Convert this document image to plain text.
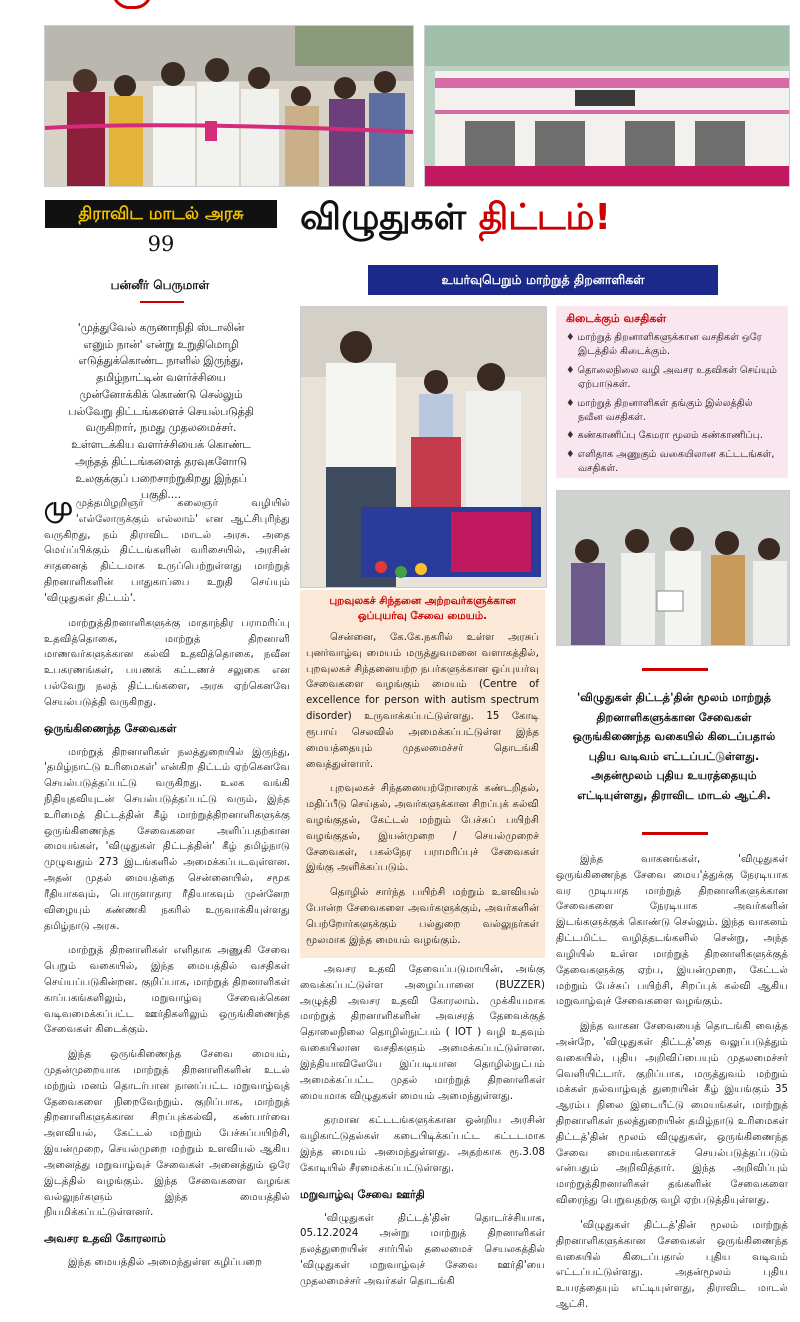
திராவிட மாடல் அரசு
99
விழுதுகள் திட்டம்!
உயர்வுபெறும் மாற்றுத் திறனாளிகள்
பன்னீர் பெருமாள்
'முத்துவேல் கருணாநிதி ஸ்டாலின் எனும் நான்' என்று உறுதிமொழி எடுத்துக்கொண்ட நாளில் இருந்து, தமிழ்நாட்டின் வளர்ச்சியை முன்னோக்கிக் கொண்டு செல்லும் பல்வேறு திட்டங்களைச் செயல்படுத்தி வருகிறார், நமது முதலமைச்சர். உள்ளடக்கிய வளர்ச்சியைக் கொண்ட அந்தத் திட்டங்களைத் தரவுகளோடு உலகுக்குப் பறைசாற்றுகிறது இந்தப் பகுதி....

முமுத்தமிழறிஞர் கலைஞர் வழியில் 'எல்லோருக்கும் எல்லாம்' என ஆட்சிபுரிந்து வருகிறது, நம் திராவிட மாடல் அரசு. அதை மெய்ப்பிக்கும் திட்டங்களின் வரிசையில், அரசின் சாதனைத் திட்டமாக உருப்பெற்றுள்ளது மாற்றுத் திறனாளிகளின் பாதுகாப்பை உறுதி செய்யும் 'விழுதுகள் திட்டம்'.

மாற்றுத்திறனாளிகளுக்கு மாதாந்திர பராமரிப்பு உதவித்தொகை, மாற்றுத் திறனாளி மாணவர்களுக்கான கல்வி உதவித்தொகை, நவீன உபகரணங்கள், பயணக் கட்டணச் சலுகை என பல்வேறு நலத் திட்டங்களை, அரசு ஏற்கெனவே செயல்படுத்தி வருகிறது.

ஒருங்கிணைந்த சேவைகள்

மாற்றுத் திறனாளிகள் நலத்துறையில் இருந்து, 'தமிழ்நாட்டு உரிமைகள்' என்கிற திட்டம் ஏற்கெனவே செயல்படுத்தப்பட்டு வருகிறது. உலக வங்கி நிதியுதவியுடன் செயல்படுத்தப்பட்டு வரும், இந்த உரிமைத் திட்டத்தின் கீழ் மாற்றுத்திறனாளிகளுக்கு ஒருங்கிணைந்த சேவைகளை அளிப்பதற்கான மையங்கள், 'விழுதுகள் திட்டத்தின்' கீழ் தமிழ்நாடு முழுவதும் 273 இடங்களில் அமைக்கப்படவுள்ளன. அதன் முதல் மையத்தை சென்னையில், சமூக ரீதியாகவும், பொருளாதார ரீதியாகவும் முன்னேற விழையும் கண்ணகி நகரில் உருவாக்கியுள்ளது தமிழ்நாடு அரசு.

மாற்றுத் திறனாளிகள் எளிதாக அணுகி சேவை பெறும் வகையில், இந்த மையத்தில் வசதிகள் செய்யப்படுகின்றன. குறிப்பாக, மாற்றுத் திறனாளிகள் காப்பகங்களிலும், மறுவாழ்வு சேவைக்கென வடிவமைக்கப்பட்ட ஊர்திகளிலும் ஒருங்கிணைந்த சேவைகள் கிடைக்கும்.

இந்த ஒருங்கிணைந்த சேவை மையம், முதன்முறையாக மாற்றுத் திறனாளிகளின் உடல் மற்றும் மனம் தொடர்பான நானப்பட்ட மறுவாழ்வுத் தேவைகளை நிறைவேற்றும். குறிப்பாக, மாற்றுத் திறனாளிகளுக்கான சிறப்புக்கல்வி, கண்பார்வை அளவியல், கேட்டல் மற்றும் பேச்சுப்பயிற்சி, இயன்முறை, செயல்முறை மற்றும் உளவியல் ஆகிய அனைத்து மறுவாழ்வுச் சேவைகள் அனைத்தும் ஒரே இடத்தில் வழங்கும். இந்த சேவைகளை வழங்க வல்லுநர்களும் இந்த மையத்தில் நியமிக்கப்பட்டுள்ளனர்.

அவசர உதவி கோரலாம்

இந்த மையத்தில் அமைந்துள்ள கழிப்பறை

புறவுலகச் சிந்தனை அற்றவர்களுக்கான ஒப்புயர்வு சேவை மையம்.

சென்னை, கே.கே.நகரில் உள்ள அரசுப் புனர்வாழ்வு மையம் மருத்துவமனை வளாகத்தில், புறவுலகச் சிந்தனையற்ற நபர்களுக்கான ஒப்புயர்வு சேவைகளை வழங்கும் மையம் (Centre of excellence for person with autism spectrum disorder) உருவாக்கப்பட்டுள்ளது. 15 கோடி ரூபாய் செலவில் அமைக்கப்பட்டுள்ள இந்த மையத்தையும் முதலமைச்சர் தொடங்கி வைத்துள்ளார்.

புறவுலகச் சிந்தனையற்றோரைக் கண்டறிதல், மதிப்பீடு செய்தல், அவர்களுக்கான சிறப்புக் கல்வி வழங்குதல், கேட்டல் மற்றும் பேச்சுப் பயிற்சி வழங்குதல், இயன்முறை / செயல்முறைச் சேவைகள், பகல்நேர பராமரிப்புச் சேவைகள் இங்கு அளிக்கப்படும்.

தொழில் சார்ந்த பயிற்சி மற்றும் உளவியல் போன்ற சேவைகளை அவர்களுக்கும், அவர்களின் பெற்றோர்களுக்கும் பல்துறை வல்லுநர்கள் மூலமாக இந்த மையம் வழங்கும்.

அவசர உதவி தேவைப்படுமாயின், அங்கு வைக்கப்பட்டுள்ள அழைப்பானை (BUZZER) அழுத்தி அவசர உதவி கோரலாம். முக்கியமாக மாற்றுத் திறனாளிகளின் அவசரத் தேவைக்குத் தொலைநிலை தொழில்நுட்பம் ( IOT ) வழி உதவும் வகையிலான வசதிகளும் அமைக்கப்பட்டுள்ளன. இந்தியாவிலேயே இப்படியான தொழில்நுட்பம் அமைக்கப்பட்ட முதல் மாற்றுத் திறனாளிகள் மையமாக விழுதுகள் மையம் அமைந்துள்ளது.

தரமான கட்டடங்களுக்கான ஒன்றிய அரசின் வழிகாட்டுதல்கள் கடைபிடிக்கப்பட்ட கட்டடமாக இந்த மையம் அமைந்துள்ளது. அதற்காக ரூ.3.08 கோடியில் சீரமைக்கப்பட்டுள்ளது.

மறுவாழ்வு சேவை ஊர்தி

'விழுதுகள் திட்டத்'தின் தொடர்ச்சியாக, 05.12.2024 அன்று மாற்றுத் திறனாளிகள் நலத்துறையின் சார்பில் தலைமைச் செயலகத்தில் 'விழுதுகள் மறுவாழ்வுச் சேவை ஊர்தி'யை முதலமைச்சர் அவர்கள் தொடங்கி

கிடைக்கும் வசதிகள்
♦ மாற்றுத் திறனாளிகளுக்கான வசதிகள் ஒரே இடத்தில் கிடைக்கும்.
♦ தொலைநிலை வழி அவசர உதவிகள் செய்யும் ஏற்பாடுகள்.
♦ மாற்றுத் திறனாளிகள் தங்கும் இல்லத்தில் நவீன வசதிகள்.
♦ கண்காணிப்பு கேமரா மூலம் கண்காணிப்பு.
♦ எளிதாக அணுகும் வகையிலான கட்டடங்கள், வசதிகள்.
'விழுதுகள் திட்டத்'தின் மூலம் மாற்றுத் திறனாளிகளுக்கான சேவைகள் ஒருங்கிணைந்த வகையில் கிடைப்பதால் புதிய வடிவம் எட்டப்பட்டுள்ளது. அதன்மூலம் புதிய உயரத்தையும் எட்டியுள்ளது, திராவிட மாடல் ஆட்சி.

இந்த வாகனங்கள், 'விழுதுகள் ஒருங்கிணைந்த சேவை மைய'த்துக்கு நேரடியாக வர முடியாத மாற்றுத் திறனாளிகளுக்கான சேவைகளை நேரடியாக அவர்களின் இடங்களுக்குக் கொண்டு செல்லும். இந்த வாகனம் திட்டமிட்ட வழித்தடங்களில் சென்று, அந்த வழியில் உள்ள மாற்றுத் திறனாளிகளுக்குத் தேவைகளுக்கு ஏற்ப, இயன்முறை, கேட்டல் மற்றும் பேச்சுப் பயிற்சி, சிறப்புக் கல்வி ஆகிய மறுவாழ்வுச் சேவைகளை வழங்கும்.

இந்த வாகன சேவையைத் தொடங்கி வைத்த அன்றே, 'விழுதுகள் திட்டத்'தை வலுப்படுத்தும் வகையில், புதிய அறிவிப்பையும் முதலமைச்சர் வெளியிட்டார். குறிப்பாக, மருத்துவம் மற்றும் மக்கள் நல்வாழ்வுத் துறையின் கீழ் இயங்கும் 35 ஆரம்ப நிலை இடையீட்டு மையங்கள், மாற்றுத் திறனாளிகள் நலத்துறையின் தமிழ்நாடு உரிமைகள் திட்டத்'தின் மூலம் விழுதுகள், ஒருங்கிணைந்த சேவை மையங்களாகச் செயல்படுத்தப்படும் என்பதும் அறிவித்தார். இந்த அறிவிப்பும் மாற்றுத்திறனாளிகள் தங்களின் சேவைகளை விரைந்து பெறுவதற்கு வழி ஏற்படுத்தியுள்ளது.

'விழுதுகள் திட்டத்'தின் மூலம் மாற்றுத் திறனாளிகளுக்கான சேவைகள் ஒருங்கிணைந்த வகையில் கிடைப்பதால் புதிய வடிவம் எட்டப்பட்டுள்ளது. அதன்மூலம் புதிய உயரத்தையும் எட்டியுள்ளது, திராவிட மாடல் ஆட்சி.
